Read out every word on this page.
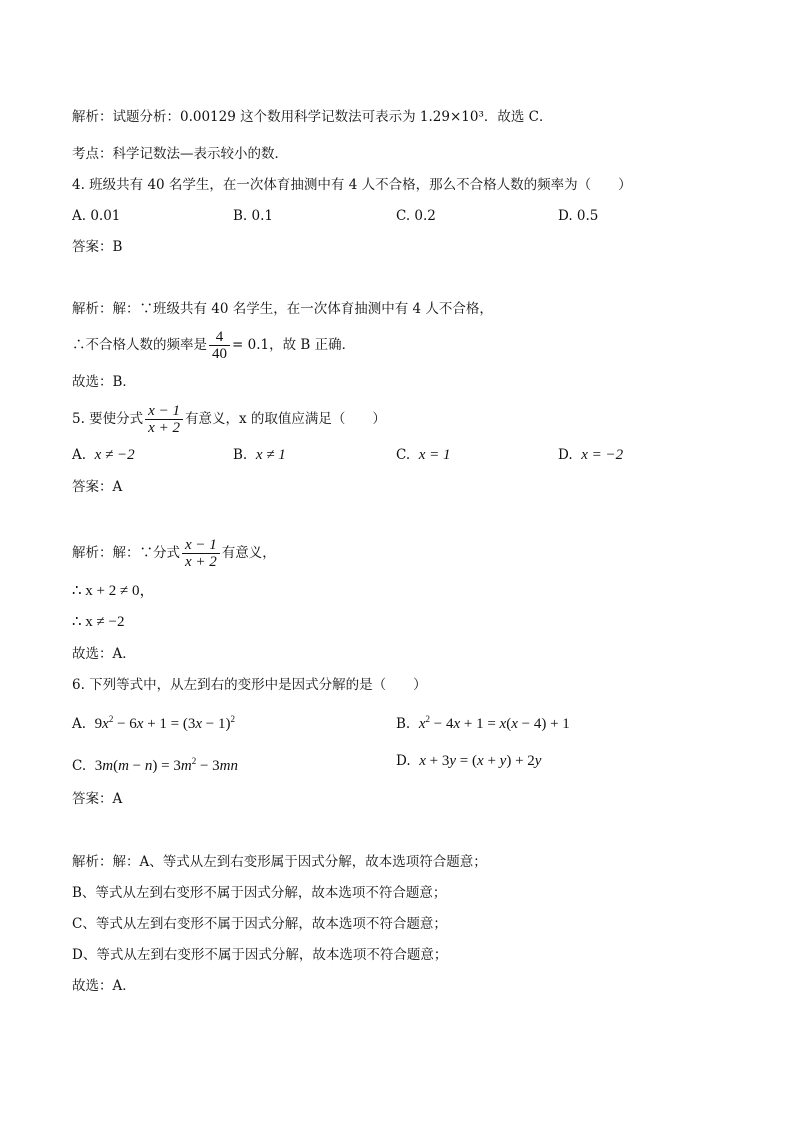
解析：试题分析：0.00129 这个数用科学记数法可表示为 1.29×10³．故选 C．
考点：科学记数法—表示较小的数．
4. 班级共有 40 名学生，在一次体育抽测中有 4 人不合格，那么不合格人数的频率为（　　）
A. 0.01	B. 0.1	C. 0.2	D. 0.5
答案：B
解析：解：∵班级共有 40 名学生，在一次体育抽测中有 4 人不合格，
∴不合格人数的频率是 $\frac{4}{40} = 0.1$，故 B 正确．
故选：B．
5. 要使分式 $\frac{x - 1}{x + 2}$ 有意义，x 的取值应满足（　　）
A. x ≠ −2	B. x ≠ 1	C. x = 1	D. x = −2
答案：A
解析：解：∵分式 $\frac{x - 1}{x + 2}$ 有意义，
∴ x + 2 ≠ 0，
∴ x ≠ −2
故选：A．
6. 下列等式中，从左到右的变形中是因式分解的是（　　）
A. $9x^2 - 6x + 1 = (3x - 1)^2$	B. $x^2 - 4x + 1 = x(x - 4) + 1$
C. $3m(m - n) = 3m^2 - 3mn$	D. x + 3y = (x + y) + 2y
答案：A
解析：解：A、等式从左到右变形属于因式分解，故本选项符合题意；
B、等式从左到右变形不属于因式分解，故本选项不符合题意；
C、等式从左到右变形不属于因式分解，故本选项不符合题意；
D、等式从左到右变形不属于因式分解，故本选项不符合题意；
故选：A．
